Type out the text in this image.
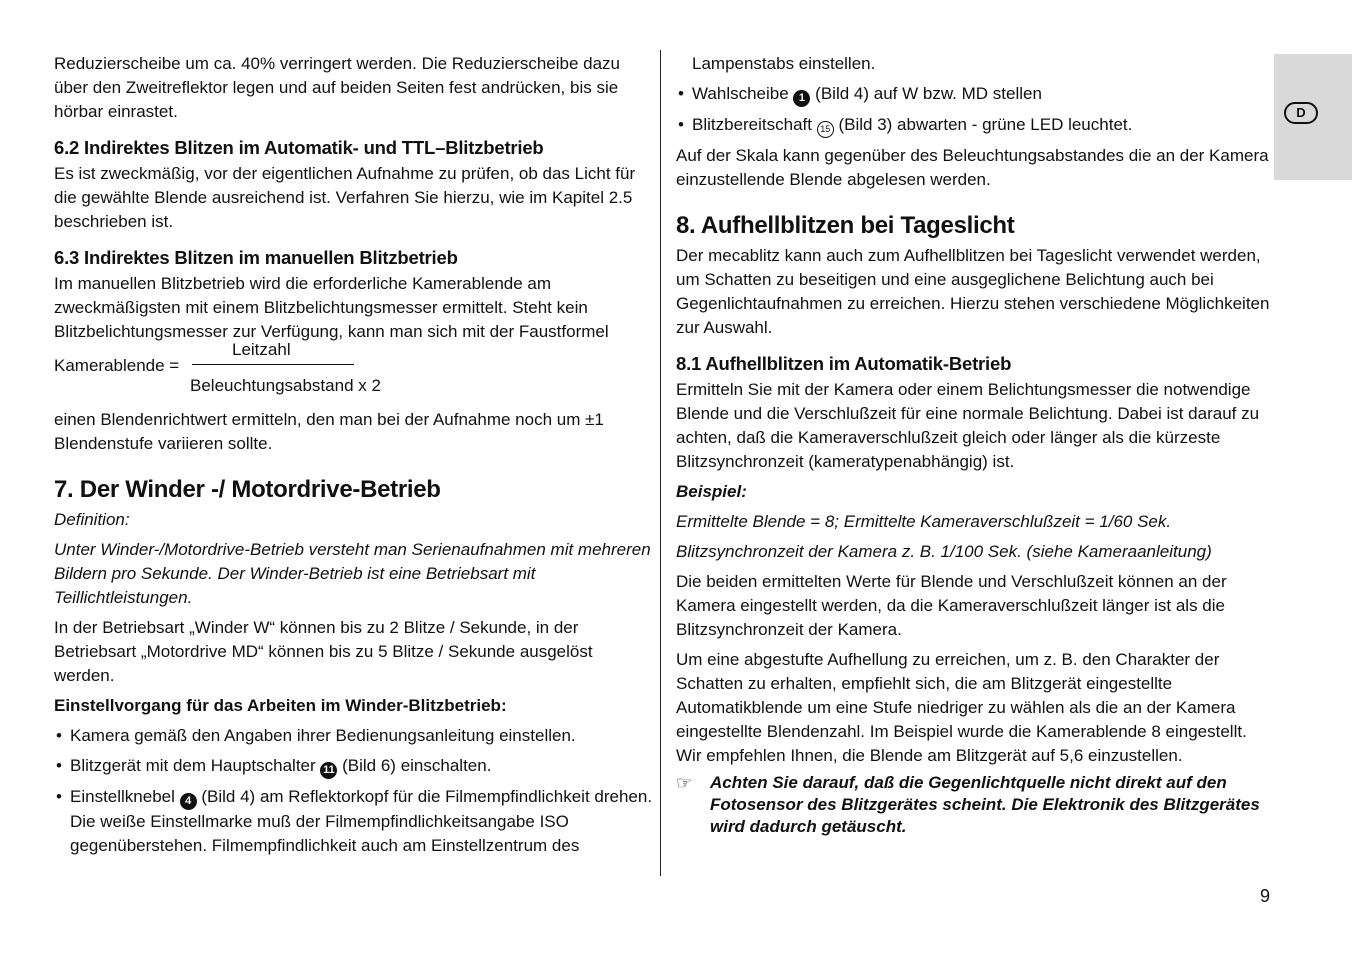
Reduzierscheibe um ca. 40% verringert werden. Die Reduzierscheibe dazu über den Zweitreflektor legen und auf beiden Seiten fest andrücken, bis sie hörbar einrastet.

6.2 Indirektes Blitzen im Automatik- und TTL–Blitzbetrieb

Es ist zweckmäßig, vor der eigentlichen Aufnahme zu prüfen, ob das Licht für die gewählte Blende ausreichend ist. Verfahren Sie hierzu, wie im Kapitel 2.5 beschrieben ist.

6.3 Indirektes Blitzen im manuellen Blitzbetrieb

Im manuellen Blitzbetrieb wird die erforderliche Kamerablende am zweckmäßigsten mit einem Blitzbelichtungsmesser ermittelt. Steht kein Blitzbelichtungsmesser zur Verfügung, kann man sich mit der Faustformel

Kamerablende =
Leitzahl
Beleuchtungsabstand x 2

einen Blendenrichtwert ermitteln, den man bei der Aufnahme noch um ±1 Blendenstufe variieren sollte.

7. Der Winder -/ Motordrive-Betrieb

Definition:

Unter Winder-/Motordrive-Betrieb versteht man Serienaufnahmen mit mehreren Bildern pro Sekunde. Der Winder-Betrieb ist eine Betriebsart mit Teillichtleistungen.

In der Betriebsart „Winder W“ können bis zu 2 Blitze / Sekunde, in der Betriebsart „Motordrive MD“ können bis zu 5 Blitze / Sekunde ausgelöst werden.

Einstellvorgang für das Arbeiten im Winder-Blitzbetrieb:

• Kamera gemäß den Angaben ihrer Bedienungsanleitung einstellen.
• Blitzgerät mit dem Hauptschalter 11 (Bild 6) einschalten.
• Einstellknebel 4 (Bild 4) am Reflektorkopf für die Filmempfindlichkeit drehen. Die weiße Einstellmarke muß der Filmempfindlichkeitsangabe ISO gegenüberstehen. Filmempfindlichkeit auch am Einstellzentrum des

Lampenstabs einstellen.

• Wahlscheibe 1 (Bild 4) auf W bzw. MD stellen
• Blitzbereitschaft 15 (Bild 3) abwarten - grüne LED leuchtet.

Auf der Skala kann gegenüber des Beleuchtungsabstandes die an der Kamera einzustellende Blende abgelesen werden.

8. Aufhellblitzen bei Tageslicht

Der mecablitz kann auch zum Aufhellblitzen bei Tageslicht verwendet werden, um Schatten zu beseitigen und eine ausgeglichene Belichtung auch bei Gegenlichtaufnahmen zu erreichen. Hierzu stehen verschiedene Möglichkeiten zur Auswahl.

8.1 Aufhellblitzen im Automatik-Betrieb

Ermitteln Sie mit der Kamera oder einem Belichtungsmesser die notwendige Blende und die Verschlußzeit für eine normale Belichtung. Dabei ist darauf zu achten, daß die Kameraverschlußzeit gleich oder länger als die kürzeste Blitzsynchronzeit (kameratypenabhängig) ist.

Beispiel:

Ermittelte Blende = 8; Ermittelte Kameraverschlußzeit = 1/60 Sek.

Blitzsynchronzeit der Kamera z. B. 1/100 Sek. (siehe Kameraanleitung)

Die beiden ermittelten Werte für Blende und Verschlußzeit können an der Kamera eingestellt werden, da die Kameraverschlußzeit länger ist als die Blitzsynchronzeit der Kamera.

Um eine abgestufte Aufhellung zu erreichen, um z. B. den Charakter der Schatten zu erhalten, empfiehlt sich, die am Blitzgerät eingestellte Automatikblende um eine Stufe niedriger zu wählen als die an der Kamera eingestellte Blendenzahl. Im Beispiel wurde die Kamerablende 8 eingestellt. Wir empfehlen Ihnen, die Blende am Blitzgerät auf 5,6 einzustellen.

☞ Achten Sie darauf, daß die Gegenlichtquelle nicht direkt auf den Fotosensor des Blitzgerätes scheint. Die Elektronik des Blitzgerätes wird dadurch getäuscht.
D
9
